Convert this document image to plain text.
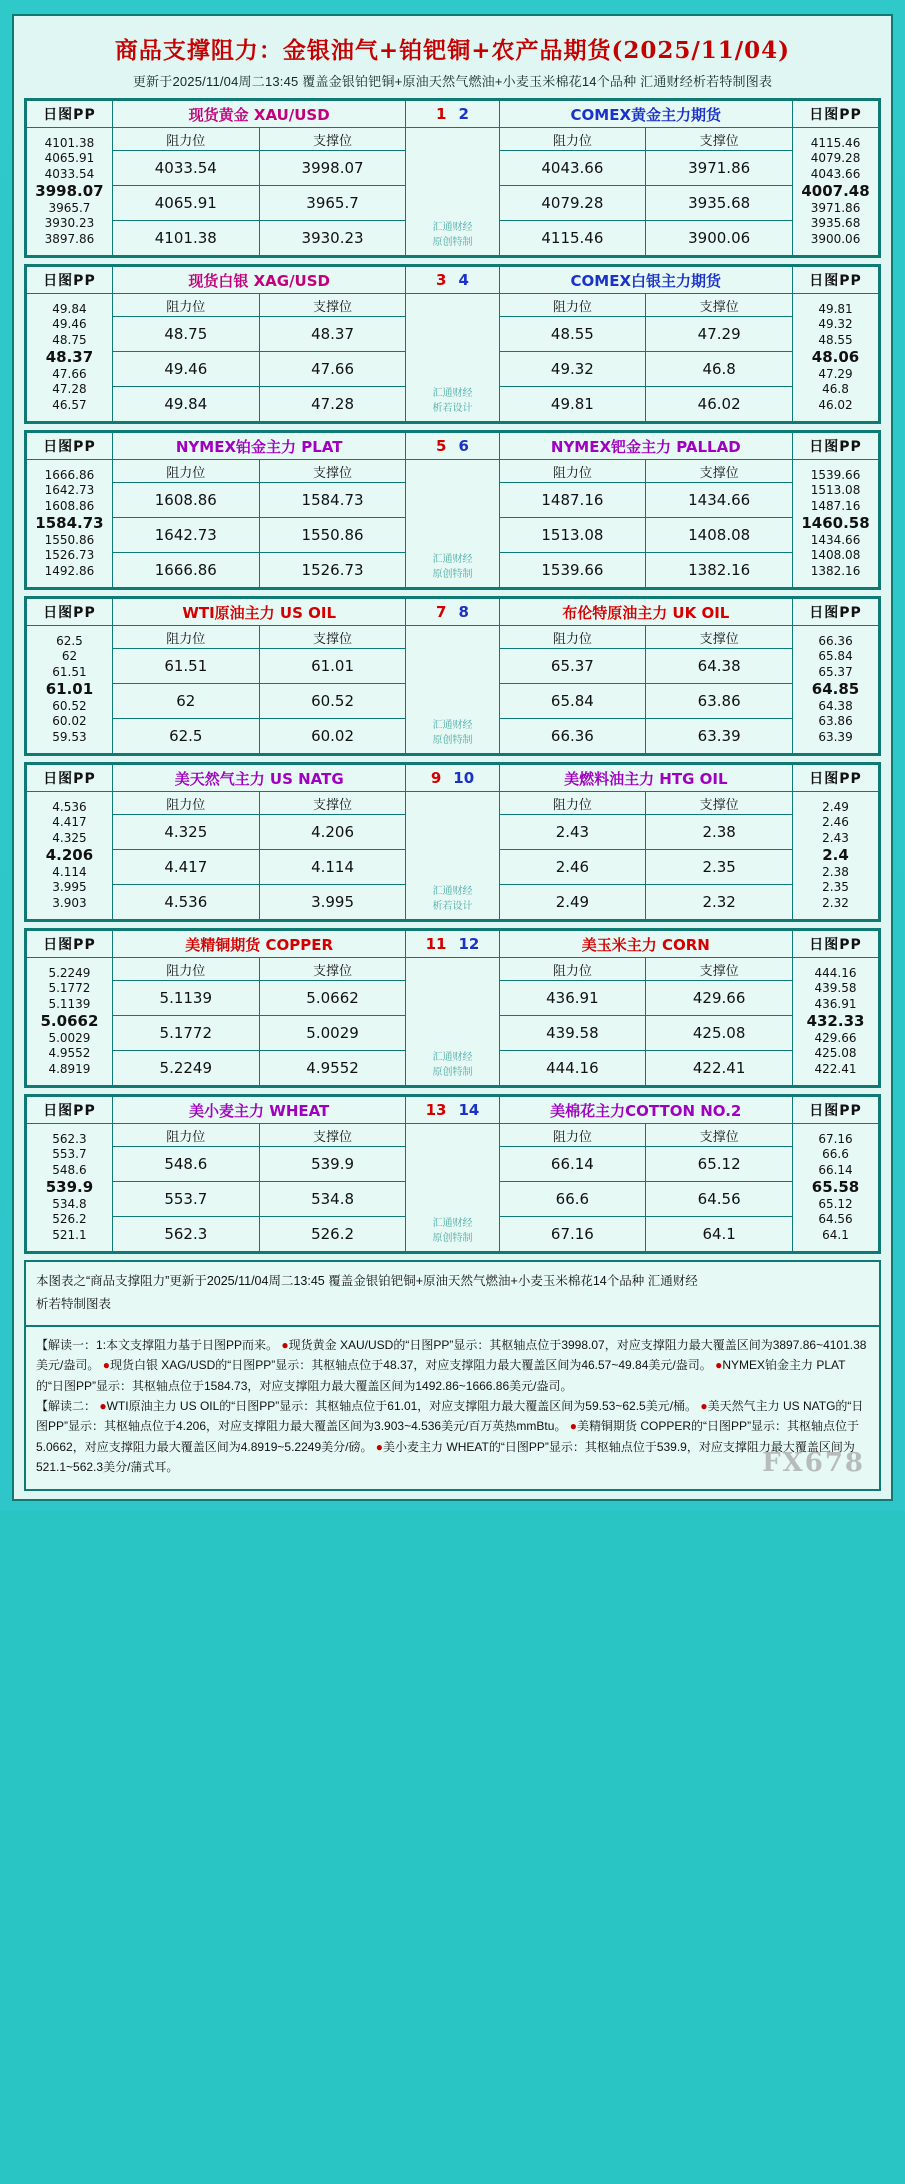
商品支撑阻力：金银油气+铂钯铜+农产品期货(2025/11/04)
更新于2025/11/04周二13:45 覆盖金银铂钯铜+原油天然气燃油+小麦玉米棉花14个品种 汇通财经析若特制图表
日图PP	现货黄金 XAU/USD		1 2	COMEX黄金主力期货		日图PP

4101.38
4065.91
4033.54
3998.07
3965.7
3930.23
3897.86
	阻力位	支撑位	
汇通财经
原创特制
	阻力位	支撑位	4115.46
4079.28
4043.66
4007.48
3971.86
3935.68
3900.06

	4033.54	3998.07		4043.66	3971.86	
	4065.91	3965.7		4079.28	3935.68	
	4101.38	3930.23		4115.46	3900.06	
日图PP	现货白银 XAG/USD		3 4	COMEX白银主力期货		日图PP

49.84
49.46
48.75
48.37
47.66
47.28
46.57
	阻力位	支撑位	
汇通财经
析若设计
	阻力位	支撑位	49.81
49.32
48.55
48.06
47.29
46.8
46.02

	48.75	48.37		48.55	47.29	
	49.46	47.66		49.32	46.8	
	49.84	47.28		49.81	46.02	
日图PP	NYMEX铂金主力 PLAT		5 6	NYMEX钯金主力 PALLAD		日图PP

1666.86
1642.73
1608.86
1584.73
1550.86
1526.73
1492.86
	阻力位	支撑位	
汇通财经
原创特制
	阻力位	支撑位	1539.66
1513.08
1487.16
1460.58
1434.66
1408.08
1382.16

	1608.86	1584.73		1487.16	1434.66	
	1642.73	1550.86		1513.08	1408.08	
	1666.86	1526.73		1539.66	1382.16	
日图PP	WTI原油主力 US OIL		7 8	布伦特原油主力 UK OIL		日图PP

62.5
62
61.51
61.01
60.52
60.02
59.53
	阻力位	支撑位	
汇通财经
原创特制
	阻力位	支撑位	66.36
65.84
65.37
64.85
64.38
63.86
63.39

	61.51	61.01		65.37	64.38	
	62	60.52		65.84	63.86	
	62.5	60.02		66.36	63.39	
日图PP	美天然气主力 US NATG		9 10	美燃料油主力 HTG OIL		日图PP

4.536
4.417
4.325
4.206
4.114
3.995
3.903
	阻力位	支撑位	
汇通财经
析若设计
	阻力位	支撑位	2.49
2.46
2.43
2.4
2.38
2.35
2.32

	4.325	4.206		2.43	2.38	
	4.417	4.114		2.46	2.35	
	4.536	3.995		2.49	2.32	
日图PP	美精铜期货 COPPER		11 12	美玉米主力 CORN		日图PP

5.2249
5.1772
5.1139
5.0662
5.0029
4.9552
4.8919
	阻力位	支撑位	
汇通财经
原创特制
	阻力位	支撑位	444.16
439.58
436.91
432.33
429.66
425.08
422.41

	5.1139	5.0662		436.91	429.66	
	5.1772	5.0029		439.58	425.08	
	5.2249	4.9552		444.16	422.41	
日图PP	美小麦主力 WHEAT		13 14	美棉花主力COTTON NO.2		日图PP

562.3
553.7
548.6
539.9
534.8
526.2
521.1
	阻力位	支撑位	
汇通财经
原创特制
	阻力位	支撑位	67.16
66.6
66.14
65.58
65.12
64.56
64.1

	548.6	539.9		66.14	65.12	
	553.7	534.8		66.6	64.56	
	562.3	526.2		67.16	64.1	
本图表之“商品支撑阻力”更新于2025/11/04周二13:45 覆盖金银铂钯铜+原油天然气燃油+小麦玉米棉花14个品种 汇通财经
析若特制图表
【解读一：1:本文支撑阻力基于日图PP而来。 ●现货黄金 XAU/USD的“日图PP”显示：其枢轴点位于3998.07，对应支撑阻力最大覆盖区间为3897.86~4101.38美元/盎司。 ●现货白银 XAG/USD的“日图PP”显示：其枢轴点位于48.37，对应支撑阻力最大覆盖区间为46.57~49.84美元/盎司。 ●NYMEX铂金主力 PLAT的“日图PP”显示：其枢轴点位于1584.73，对应支撑阻力最大覆盖区间为1492.86~1666.86美元/盎司。
【解读二： ●WTI原油主力 US OIL的“日图PP”显示：其枢轴点位于61.01，对应支撑阻力最大覆盖区间为59.53~62.5美元/桶。 ●美天然气主力 US NATG的“日图PP”显示：其枢轴点位于4.206，对应支撑阻力最大覆盖区间为3.903~4.536美元/百万英热mmBtu。 ●美精铜期货 COPPER的“日图PP”显示：其枢轴点位于5.0662，对应支撑阻力最大覆盖区间为4.8919~5.2249美分/磅。 ●美小麦主力 WHEAT的“日图PP”显示：其枢轴点位于539.9，对应支撑阻力最大覆盖区间为521.1~562.3美分/蒲式耳。	FX678
